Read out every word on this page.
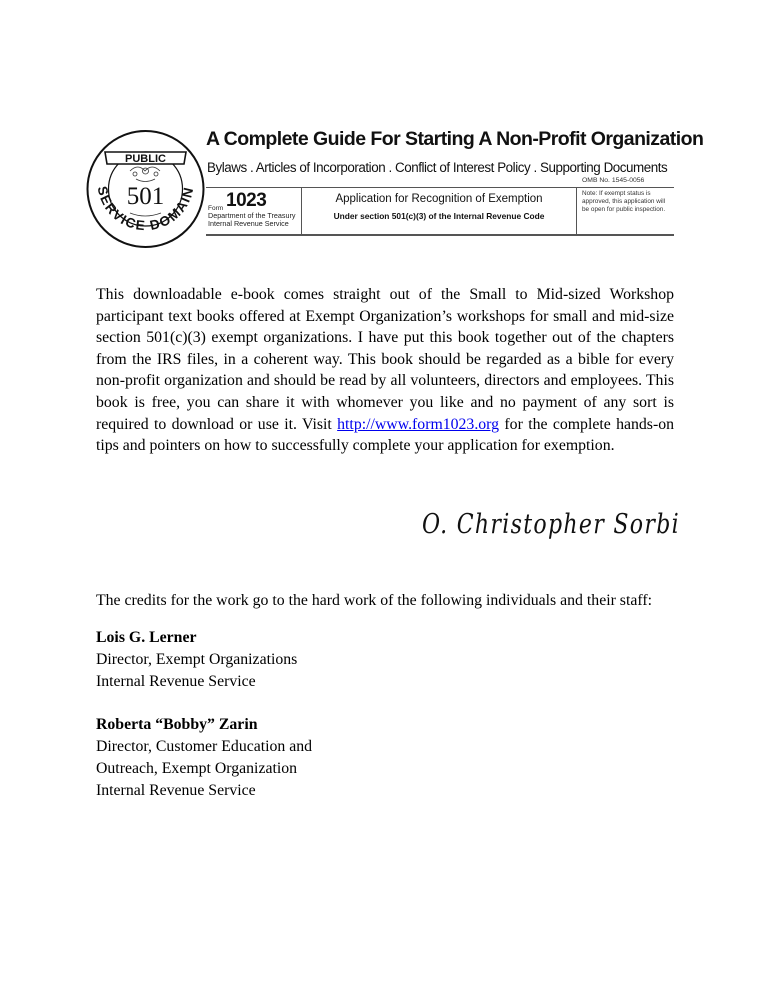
PUBLIC
501
SERVICE DOMAIN
A Complete Guide For Starting A Non-Profit Organization
Bylaws . Articles of Incorporation . Conflict of Interest Policy . Supporting Documents
Form 1023
Department of the Treasury
Internal Revenue Service
Application for Recognition of Exemption
Under section 501(c)(3) of the Internal Revenue Code
OMB No. 1545-0056
Note: If exempt status is approved, this application will be open for public inspection.

This downloadable e-book comes straight out of the Small to Mid-sized Workshop participant text books offered at Exempt Organization’s workshops for small and mid-size section 501(c)(3) exempt organizations. I have put this book together out of the chapters from the IRS files, in a coherent way. This book should be regarded as a bible for every non-profit organization and should be read by all volunteers, directors and employees. This book is free, you can share it with whomever you like and no payment of any sort is required to download or use it. Visit http://www.form1023.org for the complete hands-on tips and pointers on how to successfully complete your application for exemption.

O. Christopher Sorbi
The credits for the work go to the hard work of the following individuals and their staff:
Lois G. Lerner
Director, Exempt Organizations
Internal Revenue Service
Roberta “Bobby” Zarin
Director, Customer Education and
Outreach, Exempt Organization
Internal Revenue Service
